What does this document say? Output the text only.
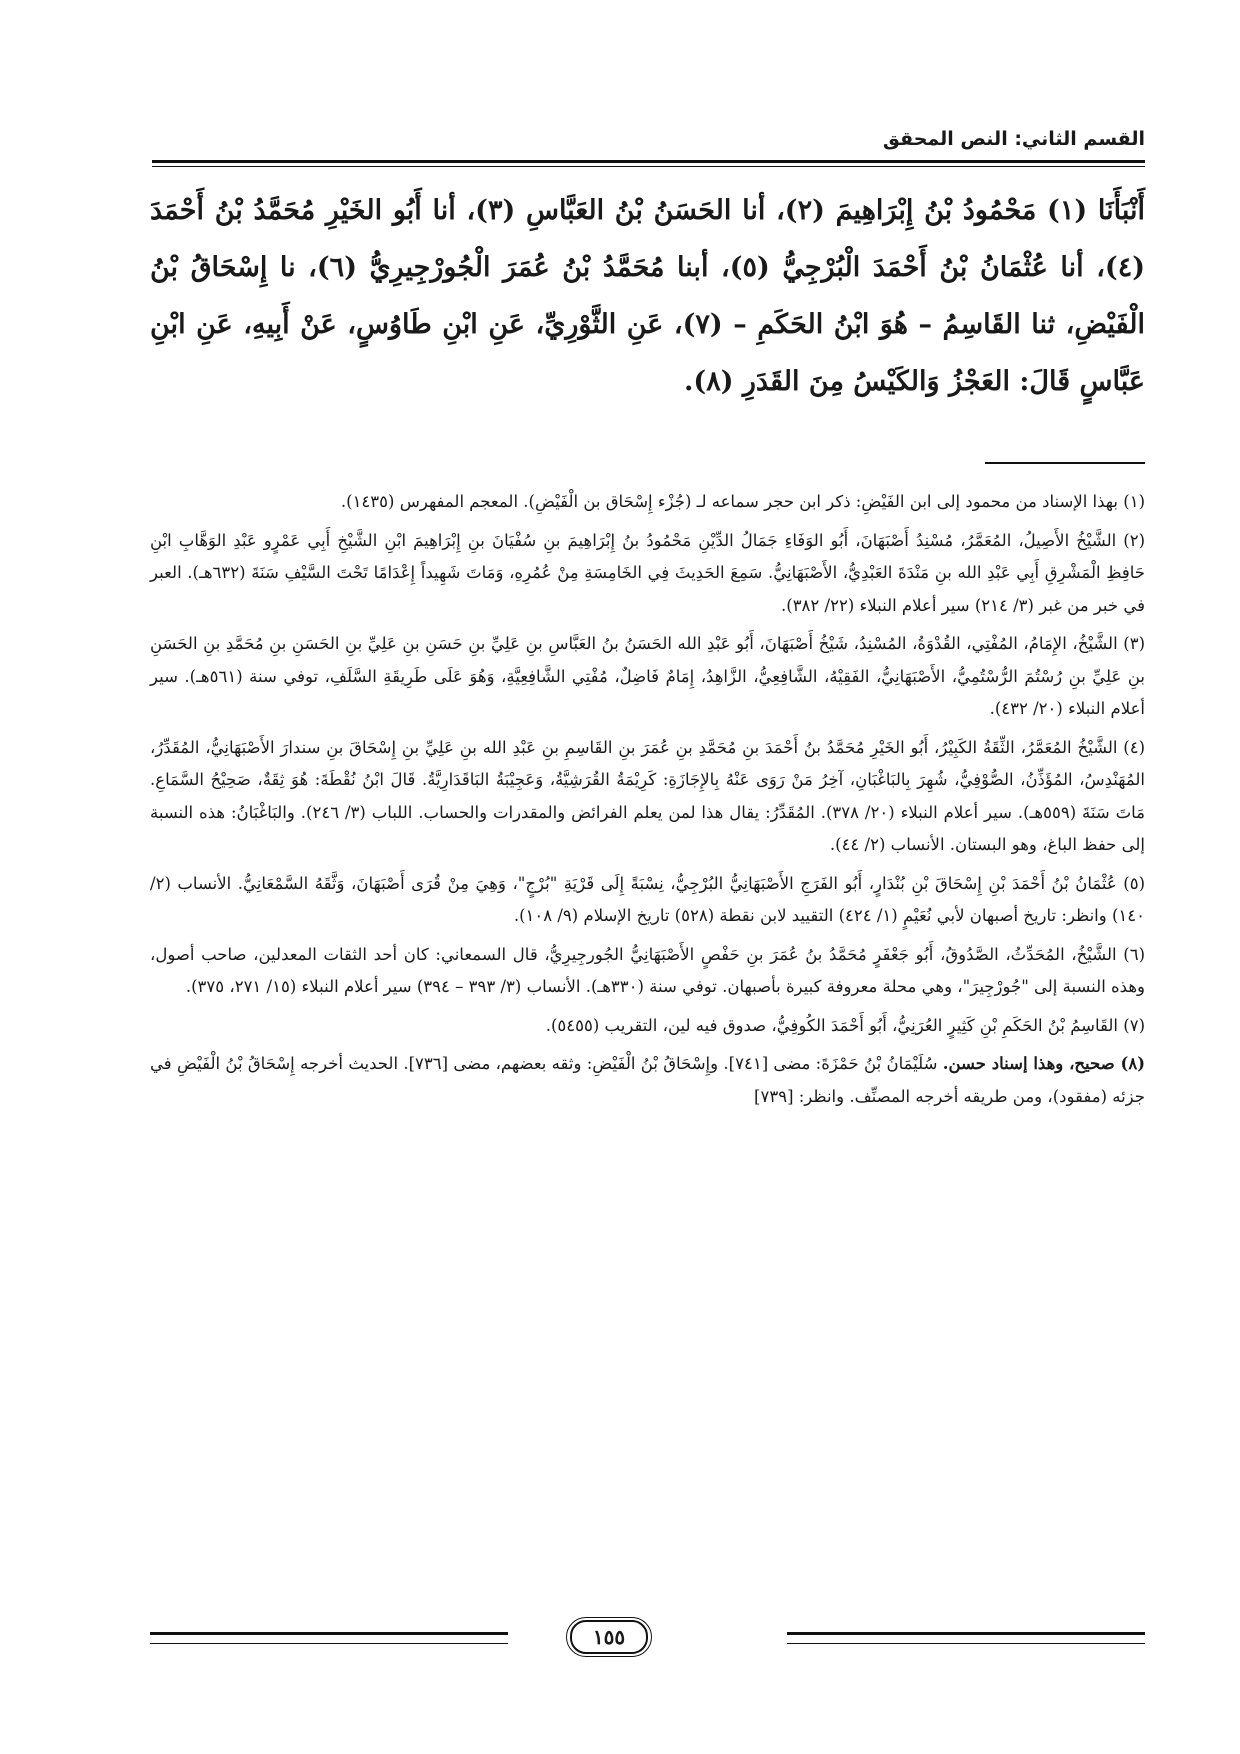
القسم الثاني: النص المحقق
أَنْبَأَنَا (١) مَحْمُودُ بْنُ إِبْرَاهِيمَ (٢)، أنا الحَسَنُ بْنُ العَبَّاسِ (٣)، أنا أَبُو الخَيْرِ مُحَمَّدُ بْنُ أَحْمَدَ (٤)، أنا عُثْمَانُ بْنُ أَحْمَدَ الْبُرْجِيُّ (٥)، أبنا مُحَمَّدُ بْنُ عُمَرَ الْجُورْجِيرِيُّ (٦)، نا إِسْحَاقُ بْنُ الْفَيْضِ، ثنا القَاسِمُ – هُوَ ابْنُ الحَكَمِ – (٧)، عَنِ الثَّوْرِيِّ، عَنِ ابْنِ طَاوُسٍ، عَنْ أَبِيهِ، عَنِ ابْنِ عَبَّاسٍ قَالَ: العَجْزُ وَالكَيْسُ مِنَ القَدَرِ (٨).

(١) بهذا الإسناد من محمود إلى ابن الفَيْضِ: ذكر ابن حجر سماعه لـ (جُزْء إِسْحَاق بن الْفَيْضِ). المعجم المفهرس (١٤٣٥).

(٢) الشَّيْخُ الأَصِيلُ، المُعَمَّرُ، مُسْنِدُ أَصْبَهَانَ، أَبُو الوَفَاءِ جَمَالُ الدِّيْنِ مَحْمُودُ بنُ إِبْرَاهِيمَ بنِ سُفْيَانَ بنِ إِبْرَاهِيمَ ابْنِ الشَّيْخِ أَبِي عَمْرٍو عَبْدِ الوَهَّابِ ابْنِ حَافِظِ الْمَشْرِقِ أَبِي عَبْدِ الله بنِ مَنْدَةَ العَبْدِيُّ، الأَصْبَهَانِيُّ. سَمِعَ الحَدِيثَ فِي الخَامِسَةِ مِنْ عُمُرِهِ، وَمَاتَ شَهِيداً إِعْدَامًا تَحْتَ السَّيْفِ سَنَةَ (٦٣٢هـ). العبر في خبر من غبر (٣/ ٢١٤) سير أعلام النبلاء (٢٢/ ٣٨٢).

(٣) الشَّيْخُ، الإِمَامُ، المُفْتِي، القُدْوَةُ، المُسْنِدُ، شَيْخُ أَصْبَهَانَ، أَبُو عَبْدِ الله الحَسَنُ بنُ العَبَّاسِ بنِ عَلِيِّ بنِ حَسَنِ بنِ عَلِيِّ بنِ الحَسَنِ بنِ مُحَمَّدِ بنِ الحَسَنِ بنِ عَلِيِّ بنِ رُسْتُمَ الرُّسْتُمِيُّ، الأَصْبَهَانِيُّ، الفَقِيْهُ، الشَّافِعِيُّ، الزَّاهِدُ، إِمَامٌ فَاضِلٌ، مُفْتِي الشَّافِعِيَّةِ، وَهُوَ عَلَى طَرِيقَةِ السَّلَفِ، توفي سنة (٥٦١هـ). سير أعلام النبلاء (٢٠/ ٤٣٢).

(٤) الشَّيْخُ المُعَمَّرُ، الثِّقَةُ الكَبِيْرُ، أَبُو الخَيْرِ مُحَمَّدُ بنُ أَحْمَدَ بنِ مُحَمَّدِ بنِ عُمَرَ بنِ القَاسِمِ بنِ عَبْدِ الله بنِ عَلِيِّ بنِ إِسْحَاقَ بنِ سندارَ الأَصْبَهَانِيُّ، المُقَدِّرُ، المُهَنْدِسُ، المُؤَذِّنُ، الصُّوْفِيُّ، شُهِرَ بِالبَاغْبَانِ، آخِرُ مَنْ رَوَى عَنْهُ بِالإِجَازَةِ: كَرِيْمَةُ القُرَشِيَّةُ، وَعَجِيْبَةُ البَاقَدَارِيَّةُ. قَالَ ابْنُ نُقْطَةَ: هُوَ ثِقَةٌ، صَحِيْحُ السَّمَاعِ. مَاتَ سَنَةَ (٥٥٩هـ). سير أعلام النبلاء (٢٠/ ٣٧٨). المُقَدِّرُ: يقال هذا لمن يعلم الفرائض والمقدرات والحساب. اللباب (٣/ ٢٤٦). والبَاغْبَانُ: هذه النسبة إلى حفظ الباغ، وهو البستان. الأنساب (٢/ ٤٤).

(٥) عُثْمَانُ بْنُ أَحْمَدَ بْنِ إِسْحَاقَ بْنِ بُنْدَارٍ، أَبُو الفَرَجِ الأَصْبَهَانِيُّ البُرْجِيُّ، نِسْبَةً إِلَى قَرْيَةِ "بُرْجٍ"، وَهِيَ مِنْ قُرَى أَصْبَهَانَ، وَثَّقَهُ السَّمْعَانِيُّ. الأنساب (٢/ ١٤٠) وانظر: تاريخ أصبهان لأبي نُعَيْمٍ (١/ ٤٢٤) التقييد لابن نقطة (٥٢٨) تاريخ الإسلام (٩/ ١٠٨).

(٦) الشَّيْخُ، المُحَدِّثُ، الصَّدُوقُ، أَبُو جَعْفَرٍ مُحَمَّدُ بنُ عُمَرَ بنِ حَفْصٍ الأَصْبَهَانِيُّ الجُورجِيرِيُّ، قال السمعاني: كان أحد الثقات المعدلين، صاحب أصول، وهذه النسبة إلى "جُورْجِيرَ"، وهي محلة معروفة كبيرة بأصبهان. توفي سنة (٣٣٠هـ). الأنساب (٣/ ٣٩٣ – ٣٩٤) سير أعلام النبلاء (١٥/ ٢٧١، ٣٧٥).

(٧) القَاسِمُ بْنُ الحَكَمِ بْنِ كَثِيرٍ العُرَنِيُّ، أَبُو أَحْمَدَ الكُوفِيُّ، صدوق فيه لين، التقريب (٥٤٥٥).

(٨) صحيح، وهذا إسناد حسن. سُلَيْمَانُ بْنُ حَمْزَةَ: مضى [٧٤١]. وإِسْحَاقُ بْنُ الْفَيْضِ: وثقه بعضهم، مضى [٧٣٦]. الحديث أخرجه إِسْحَاقُ بْنُ الْفَيْضِ في جزئه (مفقود)، ومن طريقه أخرجه المصنِّف. وانظر: [٧٣٩]

١٥٥
